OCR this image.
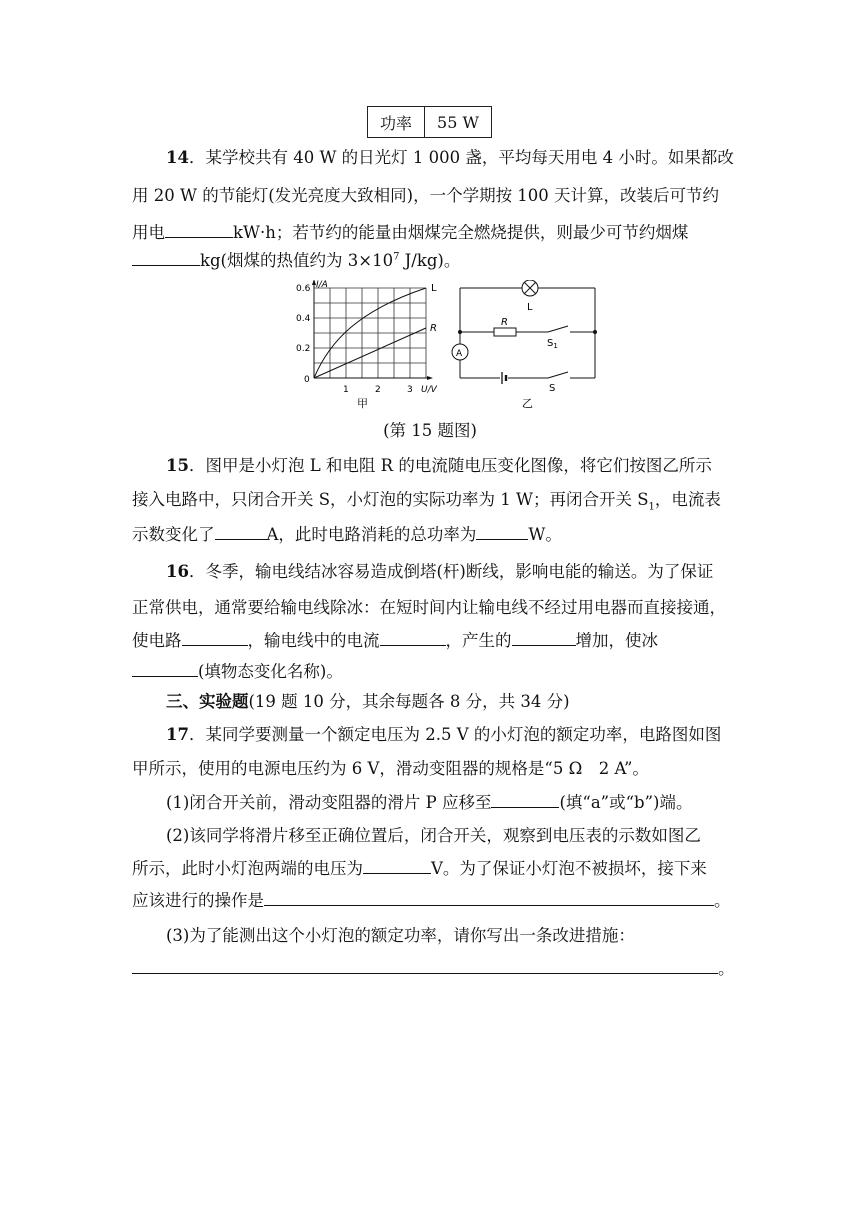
功率	55 W
14．某学校共有 40 W 的日光灯 1 000 盏，平均每天用电 4 小时。如果都改
用 20 W 的节能灯(发光亮度大致相同)，一个学期按 100 天计算，改装后可节约
用电	kW·h；若节约的能量由烟煤完全燃烧提供，则最少可节约烟煤
kg(烟煤的热值约为 $3\times 10^7$ J/kg)。
I/A
0.6
0.4
0.2
0
1	2	3 U/V
L
R
甲
L
R
$S_1$
A
S
乙
(第 15 题图)
15．图甲是小灯泡 L 和电阻 R 的电流随电压变化图像，将它们按图乙所示
接入电路中，只闭合开关 S，小灯泡的实际功率为 1 W；再闭合开关 $S_1$，电流表
示数变化了	A，此时电路消耗的总功率为	W。
16．冬季，输电线结冰容易造成倒塔(杆)断线，影响电能的输送。为了保证
正常供电，通常要给输电线除冰：在短时间内让输电线不经过用电器而直接接通，
使电路	，输电线中的电流	，产生的	增加，使冰
(填物态变化名称)。
三、实验题(19 题 10 分，其余每题各 8 分，共 34 分)
17．某同学要测量一个额定电压为 2.5 V 的小灯泡的额定功率，电路图如图
甲所示，使用的电源电压约为 6 V，滑动变阻器的规格是“5 Ω　2 A”。
(1)闭合开关前，滑动变阻器的滑片 P 应移至	(填“a”或“b”)端。
(2)该同学将滑片移至正确位置后，闭合开关，观察到电压表的示数如图乙
所示，此时小灯泡两端的电压为	V。为了保证小灯泡不被损坏，接下来
应该进行的操作是	。
(3)为了能测出这个小灯泡的额定功率，请你写出一条改进措施：
。
